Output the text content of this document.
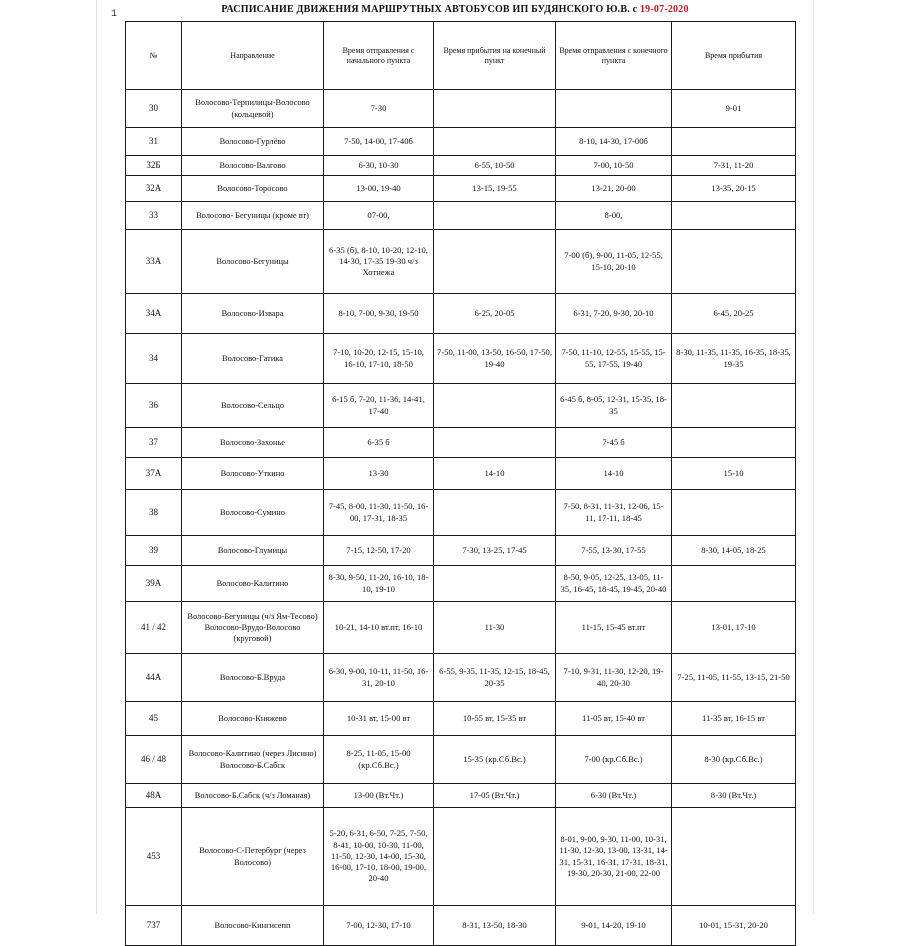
1	РАСПИСАНИЕ ДВИЖЕНИЯ МАРШРУТНЫХ АВТОБУСОВ ИП БУДЯНСКОГО Ю.В. с 19-07-2020
№	Направление	Время отправления с начального пункта	Время прибытия на конечный пункт	Время отправления с конечного пункта	Время прибытия
30	Волосово-Терпилицы-Волосово (кольцевой)	7-30			9-01
31	Волосово-Гурлёво	7-50, 14-00, 17-40б		8-10, 14-30, 17-00б	
32Б	Волосово-Валгово	6-30, 10-30	6-55, 10-50	7-00, 10-50	7-31, 11-20
32А	Волосово-Торосово	13-00, 19-40	13-15, 19-55	13-21, 20-00	13-35, 20-15
33	Волосово- Бегуницы (кроме вт)	07-00,		8-00,	
33А	Волосово-Бегуницы	6-35 (б), 8-10, 10-20, 12-10, 14-30, 17-35 19-30 ч/з Хотнежа		7-00 (б), 9-00, 11-05, 12-55, 15-10, 20-10	
34А	Волосово-Извара	8-10, 7-00, 9-30, 19-50	6-25, 20-05	6-31, 7-20, 9-30, 20-10	6-45, 20-25
34	Волосово-Гатика	7-10, 10-20, 12-15, 15-10, 16-10, 17-10, 18-50	7-50, 11-00, 13-50, 16-50, 17-50, 19-40	7-50, 11-10, 12-55, 15-55, 15-55, 17-55, 19-40	8-30, 11-35, 11-35, 16-35, 18-35, 19-35
36	Волосово-Сельцо	6-15 б, 7-20, 11-36, 14-41, 17-40		6-45 б, 8-05, 12-31, 15-35, 18-35	
37	Волосово-Захонье	6-35 б		7-45 б	
37А	Волосово-Уткино	13-30	14-10	14-10	15-10
38	Волосово-Сумино	7-45, 8-00, 11-30, 11-50, 16-00, 17-31, 18-35		7-50, 8-31, 11-31, 12-06, 15-11, 17-11, 18-45	
39	Волосово-Глумицы	7-15, 12-50, 17-20	7-30, 13-25, 17-45	7-55, 13-30, 17-55	8-30, 14-05, 18-25
39А	Волосово-Калитино	8-30, 9-50, 11-20, 16-10, 18-10, 19-10		8-50, 9-05, 12-25, 13-05, 11-35, 16-45, 18-45, 19-45, 20-40	
41 / 42	Волосово-Бегуницы (ч/з Ям-Тесово) Волосово-Врудо-Волосово (круговой)	10-21, 14-10 вт.пт, 16-10	11-30	11-15, 15-45 вт.пт	13-01, 17-10
44А	Волосово-Б.Вруда	6-30, 9-00, 10-11, 11-50, 16-31, 20-10	6-55, 9-35, 11-35, 12-15, 18-45, 20-35	7-10, 9-31, 11-30, 12-20, 19-40, 20-30	7-25, 11-05, 11-55, 13-15, 21-50
45	Волосово-Княжево	10-31 вт, 15-00 вт	10-55 вт, 15-35 вт	11-05 вт, 15-40 вт	11-35 вт, 16-15 вт
46 / 48	Волосово-Калитино (через Лисино) Волосово-Б.Сабск	8-25, 11-05, 15-00 (кр.Сб.Вс.)	15-35 (кр.Сб.Вс.)	7-00 (кр.Сб.Вс.)	8-30 (кр.Сб.Вс.)
48А	Волосово-Б.Сабск (ч/з Ломаная)	13-00 (Вт.Чт.)	17-05 (Вт.Чт.)	6-30 (Вт.Чт.)	8-30 (Вт.Чт.)
453	Волосово-С-Петербург (через Волосово)	5-20, 6-31, 6-50, 7-25, 7-50, 8-41, 10-00, 10-30, 11-00, 11-50, 12-30, 14-00, 15-30, 16-00, 17-10, 18-00, 19-00, 20-40		8-01, 9-00, 9-30, 11-00, 10-31, 11-30, 12-30, 13-00, 13-31, 14-31, 15-31, 16-31, 17-31, 18-31, 19-30, 20-30, 21-00, 22-00	
737	Волосово-Кингисепп	7-00, 12-30, 17-10	8-31, 13-50, 18-30	9-01, 14-20, 19-10	10-01, 15-31, 20-20
